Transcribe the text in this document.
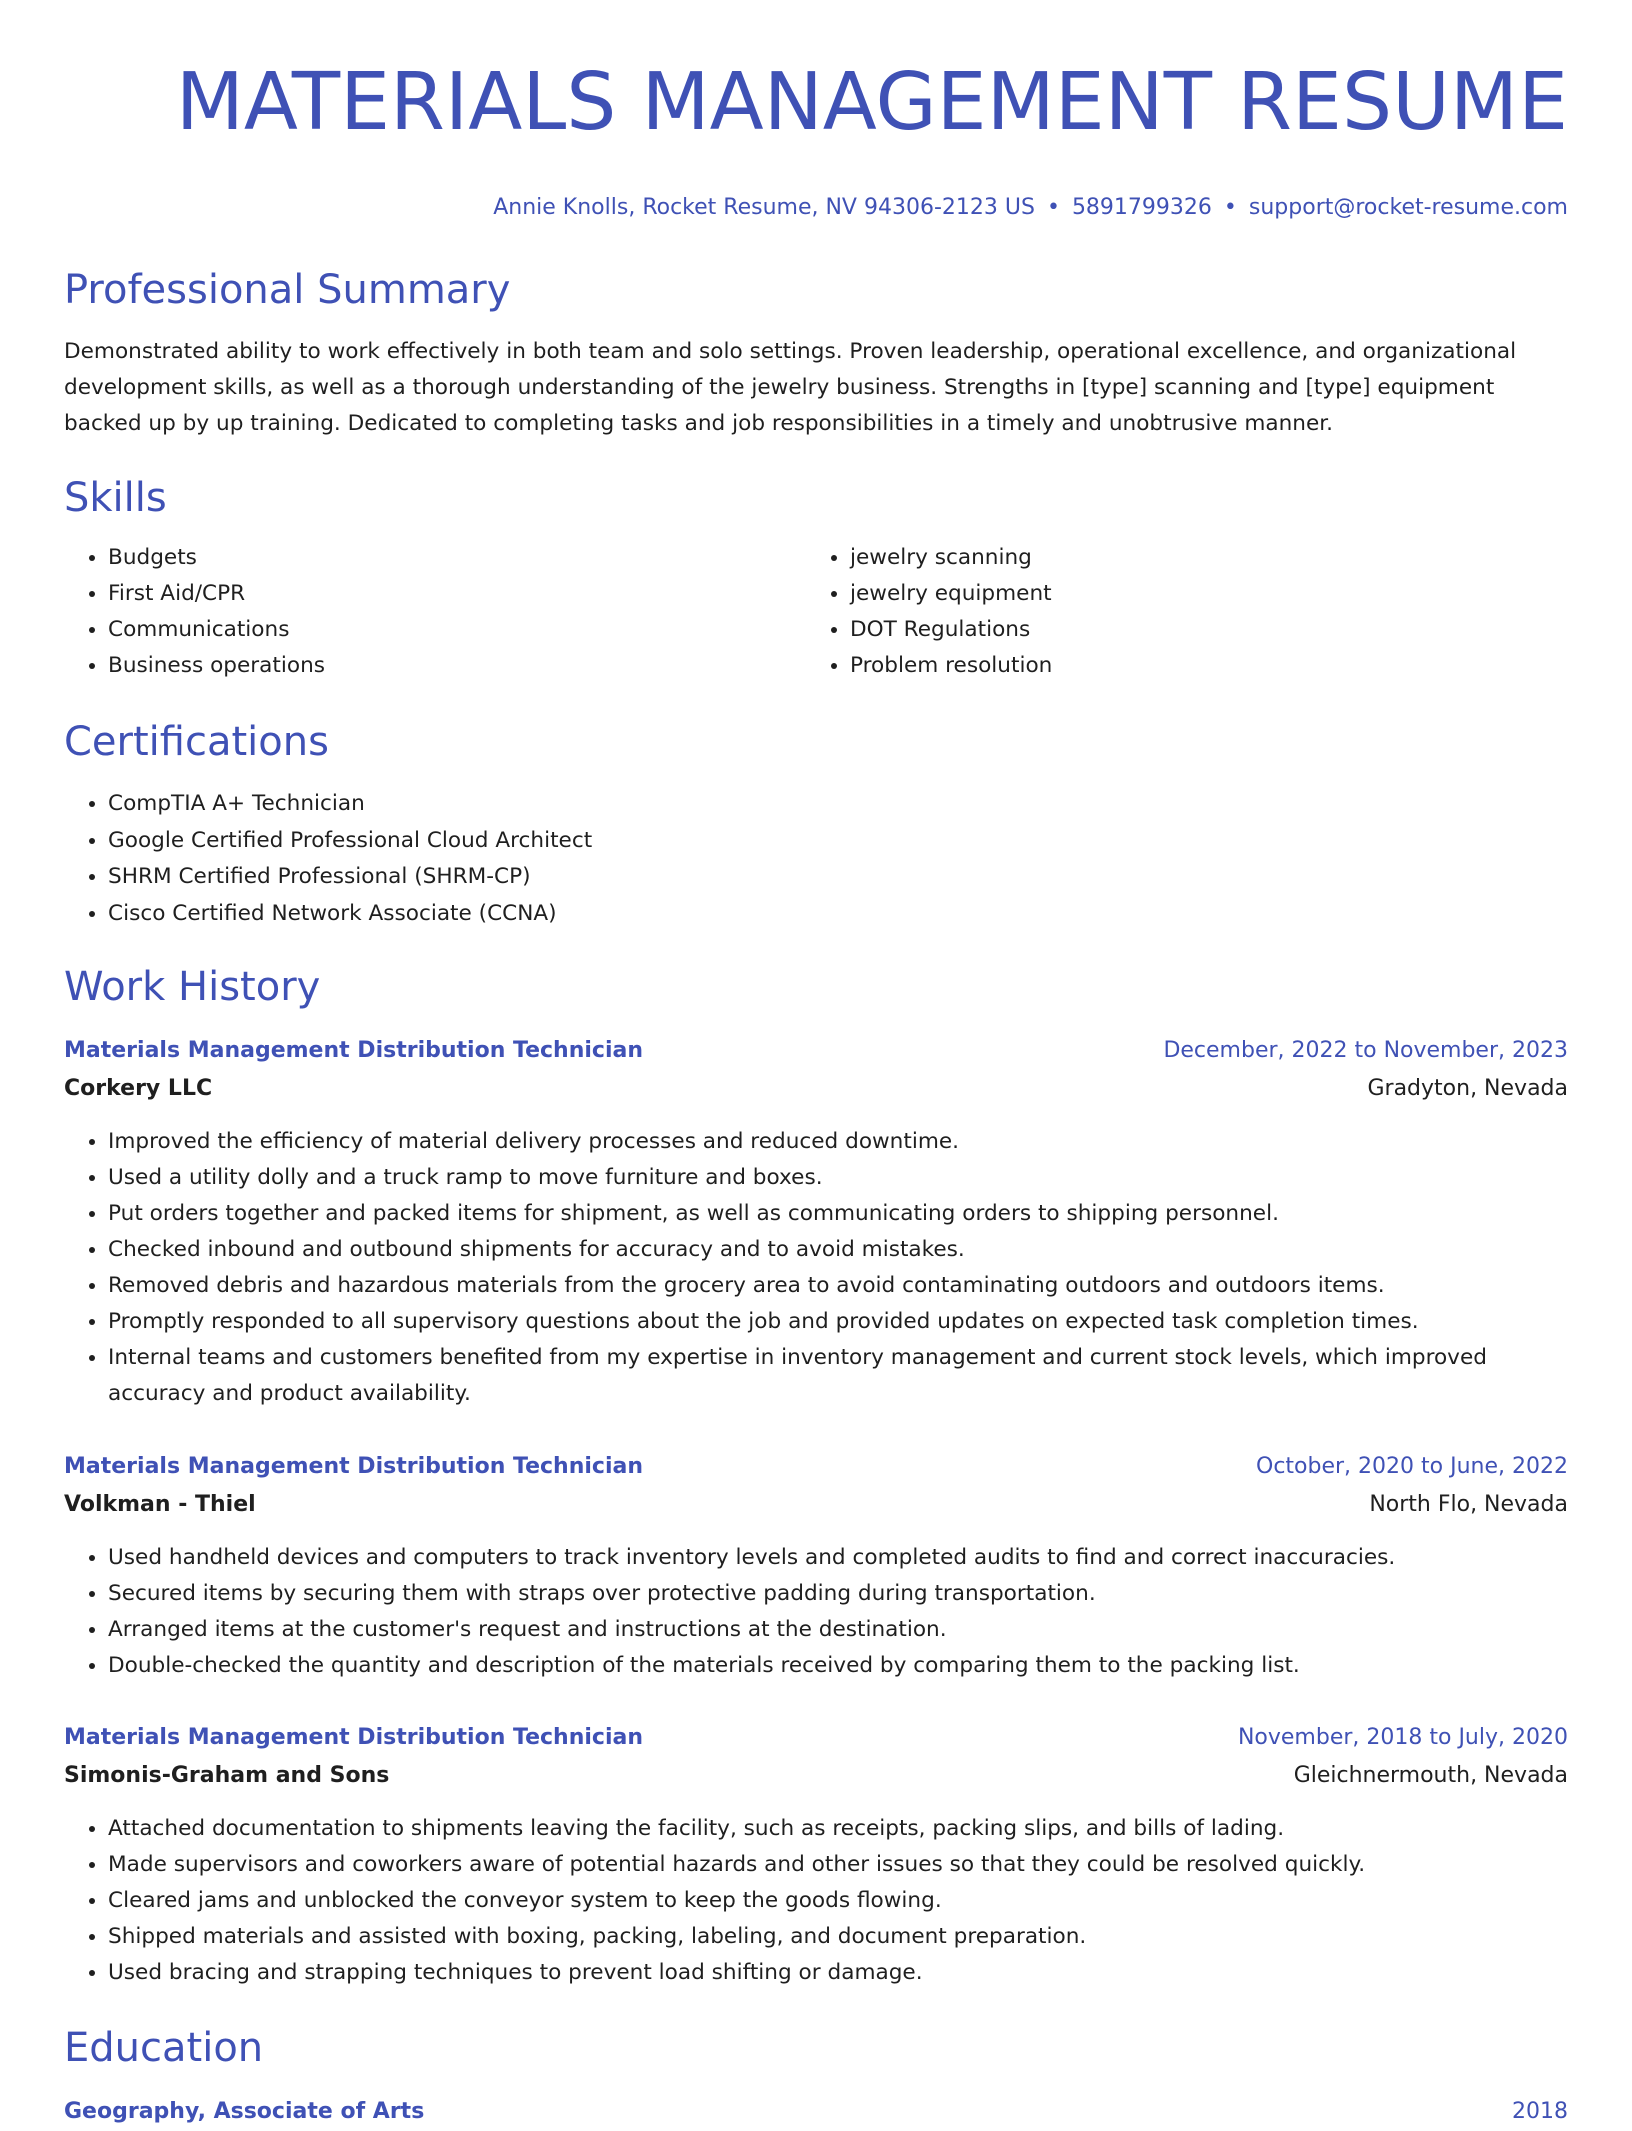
MATERIALS MANAGEMENT RESUME
Annie Knolls, Rocket Resume, NV 94306-2123 US • 5891799326 • support@rocket-resume.com
Professional Summary

Demonstrated ability to work effectively in both team and solo settings. Proven leadership, operational excellence, and organizational development skills, as well as a thorough understanding of the jewelry business. Strengths in [type] scanning and [type] equipment backed up by up training. Dedicated to completing tasks and job responsibilities in a timely and unobtrusive manner.

Skills
• Budgets
• First Aid/CPR
• Communications
• Business operations
• jewelry scanning
• jewelry equipment
• DOT Regulations
• Problem resolution
Certifications
• CompTIA A+ Technician
• Google Certified Professional Cloud Architect
• SHRM Certified Professional (SHRM-CP)
• Cisco Certified Network Associate (CCNA)
Work History
Materials Management Distribution Technician	December, 2022 to November, 2023
Corkery LLC	Gradyton, Nevada
• Improved the efficiency of material delivery processes and reduced downtime.
• Used a utility dolly and a truck ramp to move furniture and boxes.
• Put orders together and packed items for shipment, as well as communicating orders to shipping personnel.
• Checked inbound and outbound shipments for accuracy and to avoid mistakes.
• Removed debris and hazardous materials from the grocery area to avoid contaminating outdoors and outdoors items.
• Promptly responded to all supervisory questions about the job and provided updates on expected task completion times.
• Internal teams and customers benefited from my expertise in inventory management and current stock levels, which improved accuracy and product availability.
Materials Management Distribution Technician	October, 2020 to June, 2022
Volkman - Thiel	North Flo, Nevada
• Used handheld devices and computers to track inventory levels and completed audits to find and correct inaccuracies.
• Secured items by securing them with straps over protective padding during transportation.
• Arranged items at the customer's request and instructions at the destination.
• Double-checked the quantity and description of the materials received by comparing them to the packing list.
Materials Management Distribution Technician	November, 2018 to July, 2020
Simonis-Graham and Sons	Gleichnermouth, Nevada
• Attached documentation to shipments leaving the facility, such as receipts, packing slips, and bills of lading.
• Made supervisors and coworkers aware of potential hazards and other issues so that they could be resolved quickly.
• Cleared jams and unblocked the conveyor system to keep the goods flowing.
• Shipped materials and assisted with boxing, packing, labeling, and document preparation.
• Used bracing and strapping techniques to prevent load shifting or damage.
Education
Geography, Associate of Arts	2018
